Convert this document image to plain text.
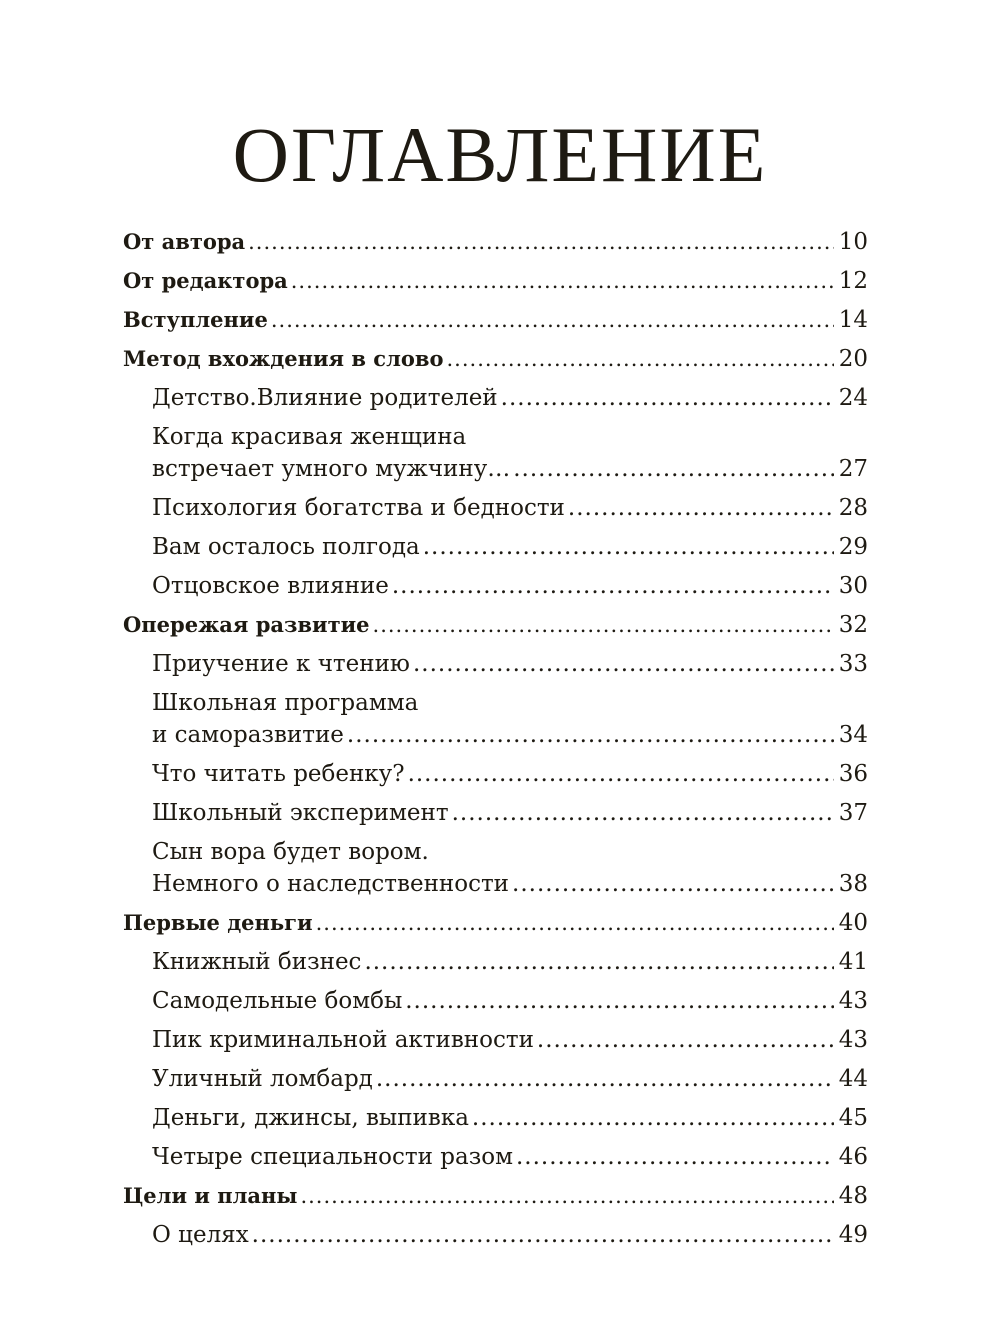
ОГЛАВЛЕНИЕ
От автора .....	10
От редактора .....	12
Вступление .....	14
Метод вхождения в слово .....	20
Детство.Влияние родителей .....	24
Когда красивая женщина
встречает умного мужчину… .....	27
Психология богатства и бедности .....	28
Вам осталось полгода .....	29
Отцовское влияние .....	30
Опережая развитие .....	32
Приучение к чтению .....	33
Школьная программа
и саморазвитие .....	34
Что читать ребенку? .....	36
Школьный эксперимент .....	37
Сын вора будет вором.
Немного о наследственности .....	38
Первые деньги .....	40
Книжный бизнес .....	41
Самодельные бомбы .....	43
Пик криминальной активности .....	43
Уличный ломбард .....	44
Деньги, джинсы, выпивка .....	45
Четыре специальности разом .....	46
Цели и планы .....	48
О целях .....	49
